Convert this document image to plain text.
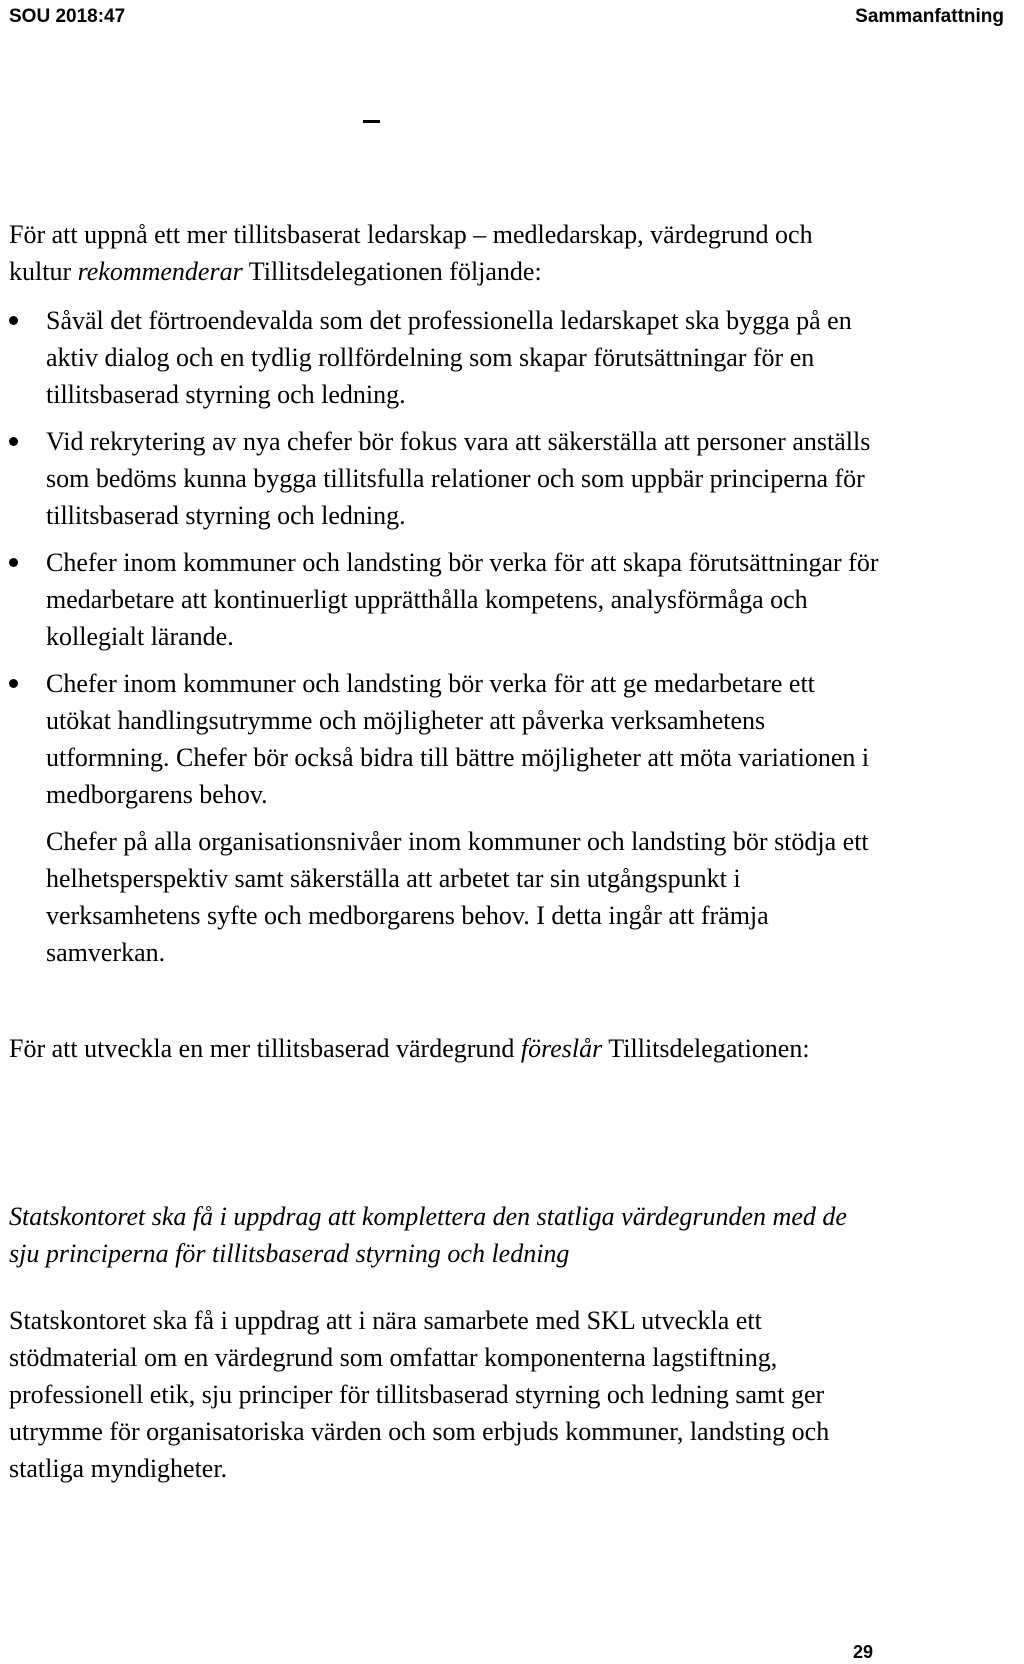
SOU 2018:47	Sammanfattning

För att uppnå ett mer tillitsbaserat ledarskap – medledarskap, värdegrund och kultur rekommenderar Tillitsdelegationen följande:

Såväl det förtroendevalda som det professionella ledarskapet ska bygga på en aktiv dialog och en tydlig rollfördelning som skapar förutsättningar för en tillitsbaserad styrning och ledning.

Vid rekrytering av nya chefer bör fokus vara att säkerställa att personer anställs som bedöms kunna bygga tillitsfulla relationer och som uppbär principerna för tillitsbaserad styrning och ledning.

Chefer inom kommuner och landsting bör verka för att skapa förutsättningar för medarbetare att kontinuerligt upprätthålla kompetens, analysförmåga och kollegialt lärande.

Chefer inom kommuner och landsting bör verka för att ge medarbetare ett utökat handlingsutrymme och möjligheter att påverka verksamhetens utformning. Chefer bör också bidra till bättre möjligheter att möta variationen i medborgarens behov.

Chefer på alla organisationsnivåer inom kommuner och landsting bör stödja ett helhetsperspektiv samt säkerställa att arbetet tar sin utgångspunkt i verksamhetens syfte och medborgarens behov. I detta ingår att främja samverkan.

För att utveckla en mer tillitsbaserad värdegrund föreslår Tillitsdelegationen:

Statskontoret ska få i uppdrag att komplettera den statliga värdegrunden med de sju principerna för tillitsbaserad styrning och ledning
Statskontoret ska få i uppdrag att i nära samarbete med SKL utveckla ett stödmaterial om en värdegrund som omfattar komponenterna lagstiftning, professionell etik, sju principer för tillitsbaserad styrning och ledning samt ger utrymme för organisatoriska värden och som erbjuds kommuner, landsting och statliga myndigheter.
29
